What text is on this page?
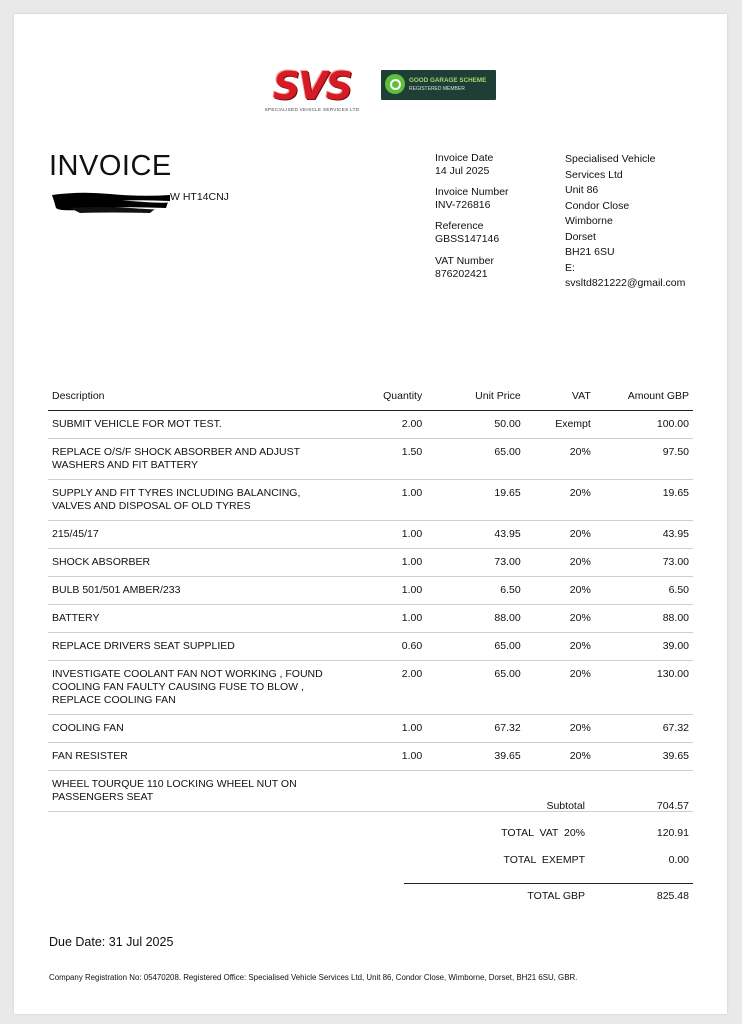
SVS
SPECIALISED VEHICLE SERVICES LTD
GOOD GARAGE SCHEME
REGISTERED MEMBER
INVOICE
W HT14CNJ
Invoice Date
14 Jul 2025
Invoice Number
INV-726816
Reference
GBSS147146
VAT Number
876202421
Specialised Vehicle
Services Ltd
Unit 86
Condor Close
Wimborne
Dorset
BH21 6SU
E:
svsltd821222@gmail.com
Description	Quantity	Unit Price	VAT	Amount GBP
SUBMIT VEHICLE FOR MOT TEST.	2.00	50.00	Exempt	100.00
REPLACE O/S/F SHOCK ABSORBER AND ADJUST WASHERS AND FIT BATTERY	1.50	65.00	20%	97.50
SUPPLY AND FIT TYRES INCLUDING BALANCING, VALVES AND DISPOSAL OF OLD TYRES	1.00	19.65	20%	19.65
215/45/17	1.00	43.95	20%	43.95
SHOCK ABSORBER	1.00	73.00	20%	73.00
BULB 501/501 AMBER/233	1.00	6.50	20%	6.50
BATTERY	1.00	88.00	20%	88.00
REPLACE DRIVERS SEAT SUPPLIED	0.60	65.00	20%	39.00
INVESTIGATE COOLANT FAN NOT WORKING , FOUND COOLING FAN FAULTY CAUSING FUSE TO BLOW , REPLACE COOLING FAN	2.00	65.00	20%	130.00
COOLING FAN	1.00	67.32	20%	67.32
FAN RESISTER	1.00	39.65	20%	39.65
WHEEL TOURQUE 110 LOCKING WHEEL NUT ON PASSENGERS SEAT				
Subtotal	704.57
TOTAL  VAT  20%	120.91
TOTAL  EXEMPT	0.00
TOTAL GBP	825.48
Due Date: 31 Jul 2025
Company Registration No: 05470208. Registered Office: Specialised Vehicle Services Ltd, Unit 86, Condor Close, Wimborne, Dorset, BH21 6SU, GBR.
